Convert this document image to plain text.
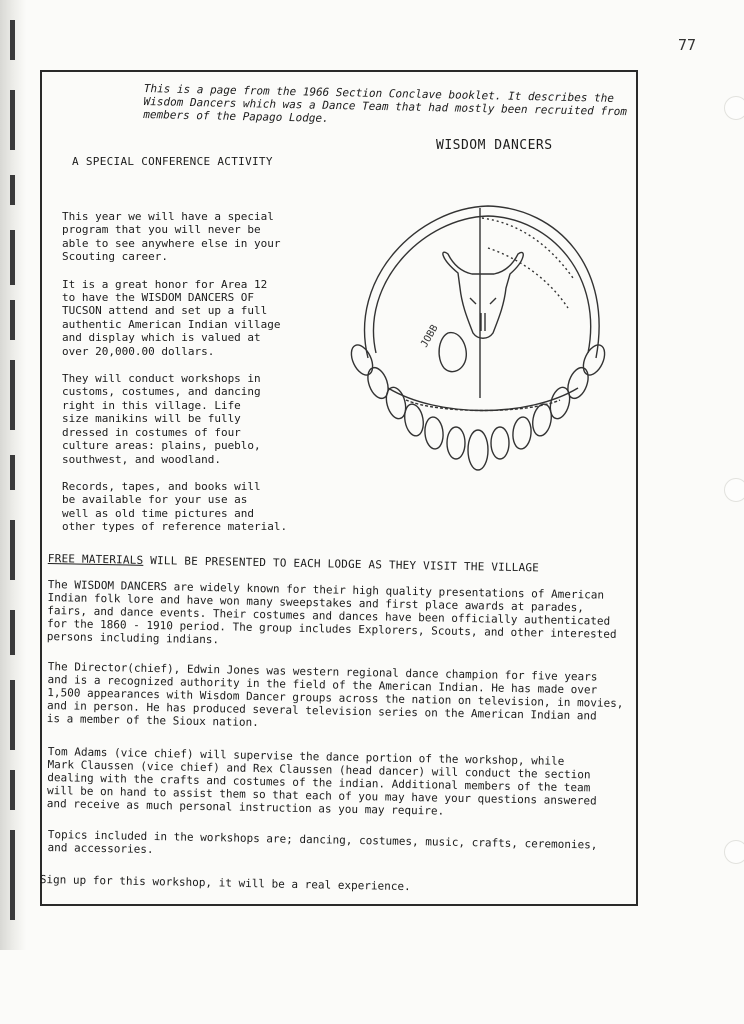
77
This is a page from the 1966 Section Conclave booklet. It describes the
Wisdom Dancers which was a Dance Team that had mostly been recruited from
members of the Papago Lodge.
WISDOM DANCERS
A SPECIAL CONFERENCE ACTIVITY

This year we will have a special
program that you will never be
able to see anywhere else in your
Scouting career.

It is a great honor for Area 12
to have the WISDOM DANCERS OF
TUCSON attend and set up a full
authentic American Indian village
and display which is valued at
over 20,000.00 dollars.

They will conduct workshops in
customs, costumes, and dancing
right in this village. Life
size manikins will be fully
dressed in costumes of four
culture areas: plains, pueblo,
southwest, and woodland.

Records, tapes, and books will
be available for your use as
well as old time pictures and
other types of reference material.

JOBB
FREE MATERIALS WILL BE PRESENTED TO EACH LODGE AS THEY VISIT THE VILLAGE

The WISDOM DANCERS are widely known for their high quality presentations of American
Indian folk lore and have won many sweepstakes and first place awards at parades,
fairs, and dance events. Their costumes and dances have been officially authenticated
for the 1860 - 1910 period. The group includes Explorers, Scouts, and other interested
persons including indians.

The Director(chief), Edwin Jones was western regional dance champion for five years
and is a recognized authority in the field of the American Indian. He has made over
1,500 appearances with Wisdom Dancer groups across the nation on television, in movies,
and in person. He has produced several television series on the American Indian and
is a member of the Sioux nation.

Tom Adams (vice chief) will supervise the dance portion of the workshop, while
Mark Claussen (vice chief) and Rex Claussen (head dancer) will conduct the section
dealing with the crafts and costumes of the indian. Additional members of the team
will be on hand to assist them so that each of you may have your questions answered
and receive as much personal instruction as you may require.

Topics included in the workshops are; dancing, costumes, music, crafts, ceremonies,
and accessories.

Sign up for this workshop, it will be a real experience.
